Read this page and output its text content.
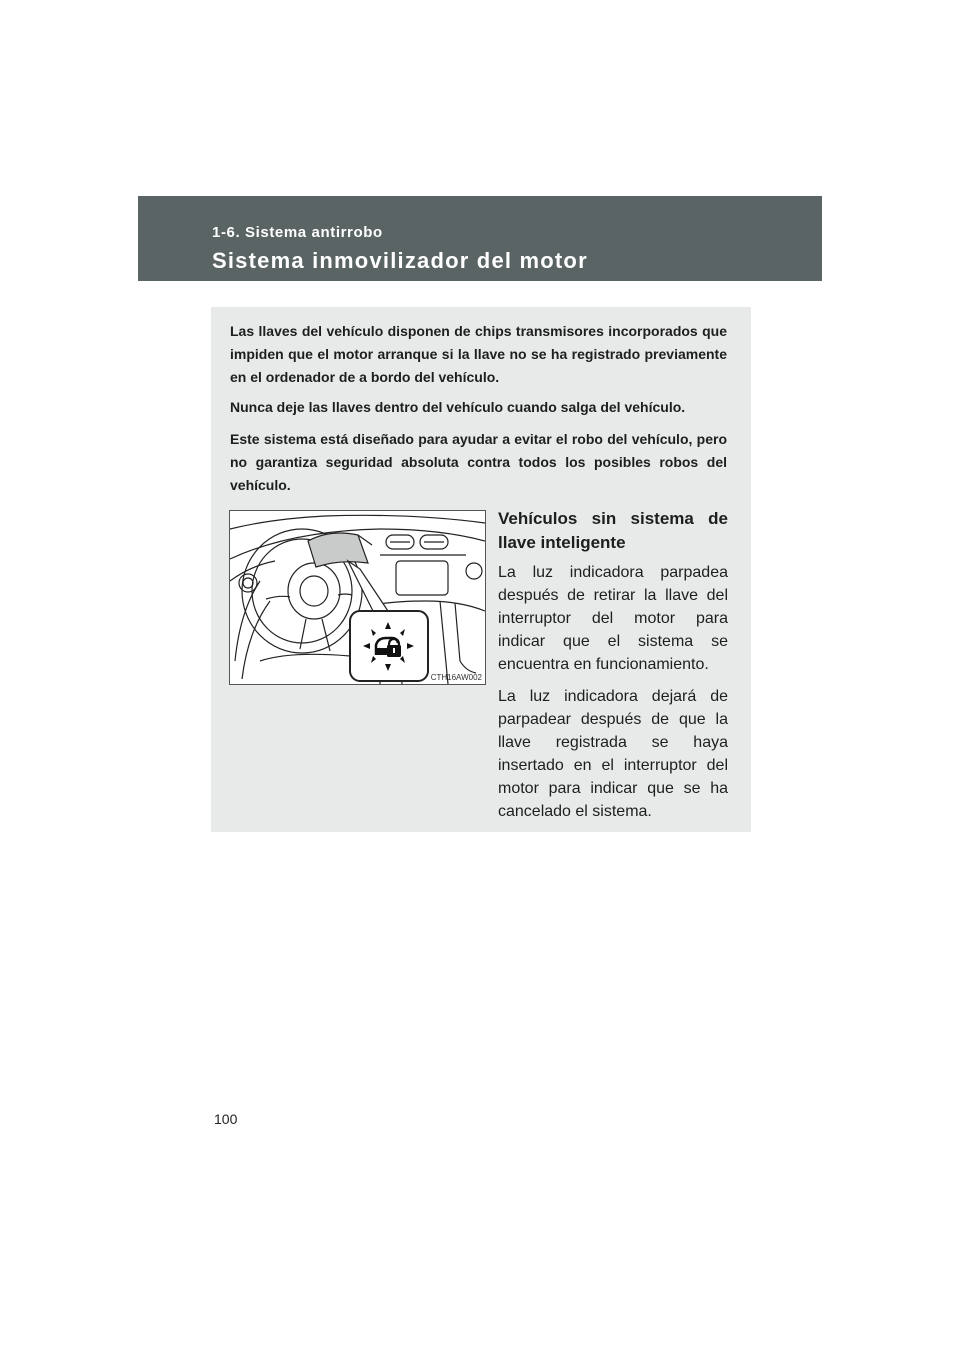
1-6. Sistema antirrobo
Sistema inmovilizador del motor

Las llaves del vehículo disponen de chips transmisores incorporados que impiden que el motor arranque si la llave no se ha registrado previamente en el ordenador de a bordo del vehículo.

Nunca deje las llaves dentro del vehículo cuando salga del vehículo.

Este sistema está diseñado para ayudar a evitar el robo del vehículo, pero no garantiza seguridad absoluta contra todos los posibles robos del vehículo.

CTH16AW002
Vehículos sin sistema de llave inteligente

La luz indicadora parpadea después de retirar la llave del interruptor del motor para indicar que el sistema se encuentra en funcionamiento.

La luz indicadora dejará de parpadear después de que la llave registrada se haya insertado en el interruptor del motor para indicar que se ha cancelado el sistema.

100
